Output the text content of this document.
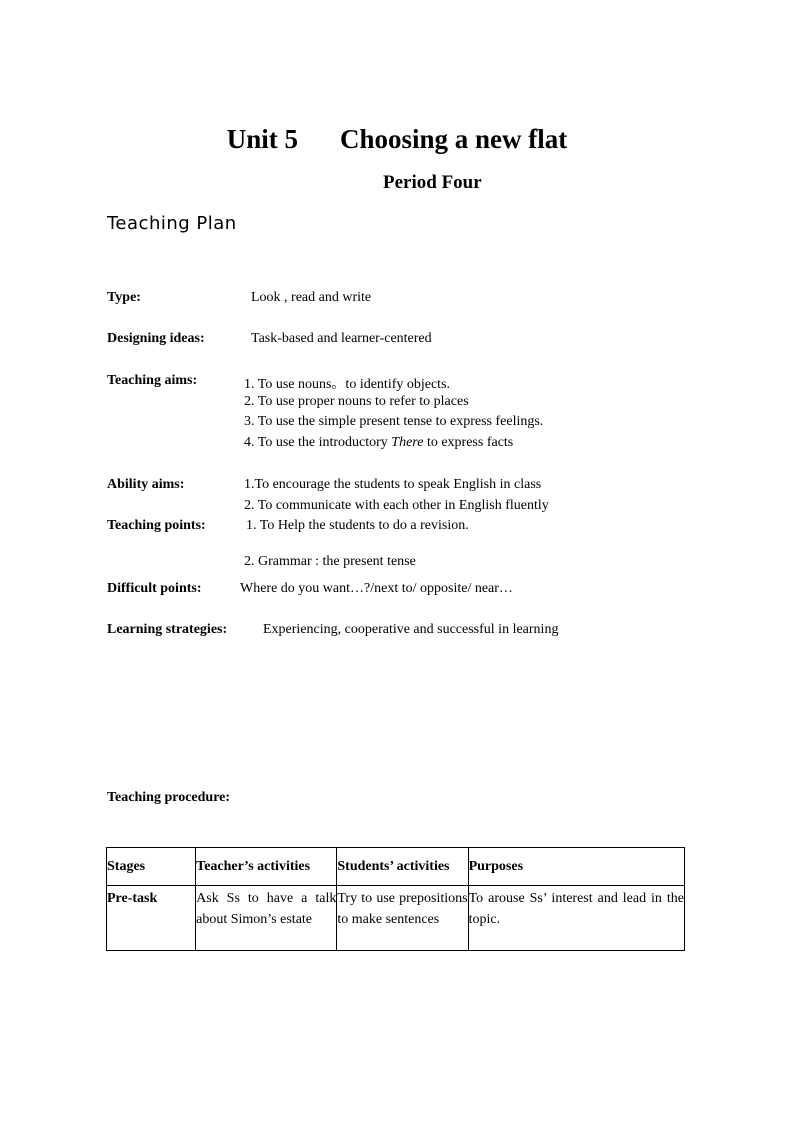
Unit 5 Choosing a new flat
Period Four
Teaching Plan
Type:	Look , read and write
Designing ideas:	Task-based and learner-centered
Teaching aims:	1. To use nouns。to identify objects.
2. To use proper nouns to refer to places
3. To use the simple present tense to express feelings.
4. To use the introductory There to express facts
Ability aims:	1.To encourage the students to speak English in class
2. To communicate with each other in English fluently
Teaching points:	1. To Help the students to do a revision.
2. Grammar : the present tense
Difficult points:	Where do you want…?/next to/ opposite/ near…
Learning strategies:	Experiencing, cooperative and successful in learning
Teaching procedure:
Stages	Teacher’s activities	Students’ activities	Purposes
Pre-task	Ask Ss to have a talk about Simon’s estate	Try to use prepositions to make sentences	To arouse Ss’ interest and lead in the topic.
